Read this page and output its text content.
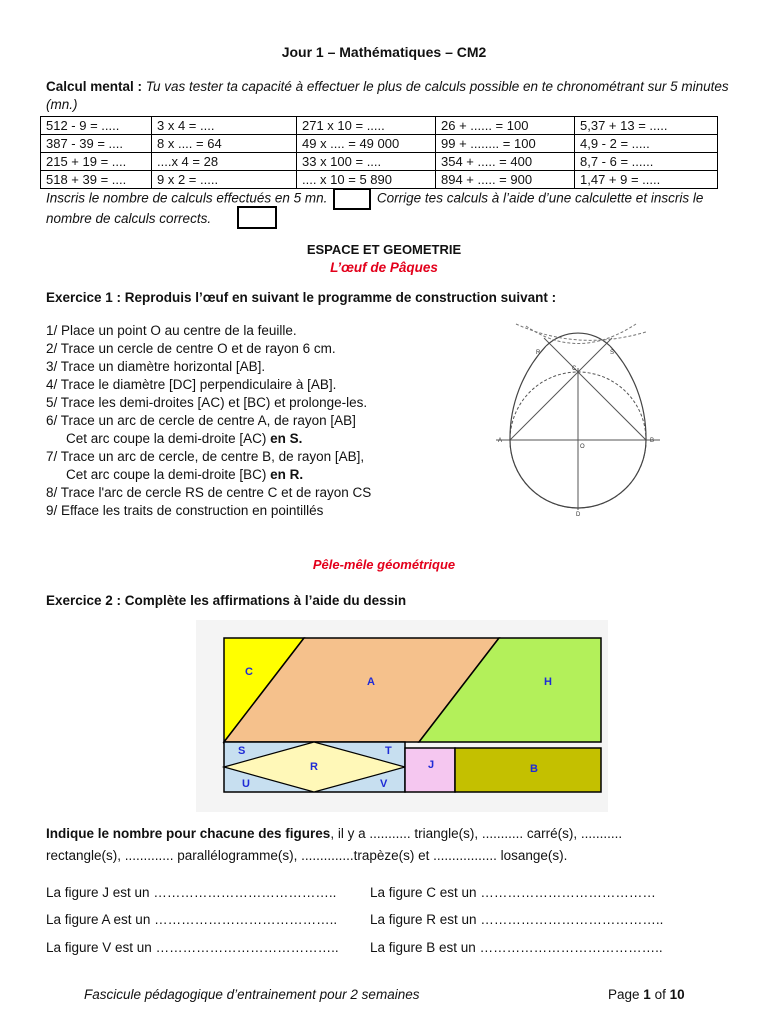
Jour 1 – Mathématiques – CM2
Calcul mental : Tu vas tester ta capacité à effectuer le plus de calculs possible en te chronométrant sur 5 minutes (mn.)
512 - 9 = .....	3 x 4 = ....	271 x 10 = .....	26 + ...... = 100	5,37 + 13 = .....
387 - 39 = ....	8 x .... = 64	49 x .... = 49 000	99 + ........ = 100	4,9 - 2 = .....
215 + 19 = ....	....x 4 = 28	33 x 100 = ....	354 + ..... = 400	8,7 - 6 = ......
518 + 39 = ....	9 x 2 = .....	.... x 10 = 5 890	894 + ..... = 900	1,47 + 9 = .....
Inscris le nombre de calculs effectués en 5 mn.	Corrige tes calculs à l’aide d’une calculette et inscris le
nombre de calculs corrects.
ESPACE ET GEOMETRIE
L’œuf de Pâques
Exercice 1 : Reproduis l’œuf en suivant le programme de construction suivant :
1/ Place un point O au centre de la feuille.
2/ Trace un cercle de centre O et de rayon 6 cm.
3/ Trace un diamètre horizontal [AB].
4/ Trace le diamètre [DC] perpendiculaire à [AB].
5/ Trace les demi-droites [AC) et [BC) et prolonge-les.
6/ Trace un arc de cercle de centre A, de rayon [AB]
Cet arc coupe la demi-droite [AC) en S.
7/ Trace un arc de cercle, de centre B, de rayon [AB],
Cet arc coupe la demi-droite [BC) en R.
8/ Trace l'arc de cercle RS de centre C et de rayon CS
9/ Efface les traits de construction en pointillés
A	B
C
D
O
R	S
Pêle-mêle géométrique
Exercice 2 : Complète les affirmations à l’aide du dessin
C
A	H
S	T
R	J	B
U	V
Indique le nombre pour chacune des figures, il y a ........... triangle(s), ........... carré(s), ...........
rectangle(s), ............. parallélogramme(s), ..............trapèze(s) et ................. losange(s).
La figure J est un …………………………………..
La figure A est un …………………………………..
La figure V est un …………………………………..
La figure C est un …………………………………
La figure R est un …………………………………..
La figure B est un …………………………………..
Fascicule pédagogique d’entrainement pour 2 semaines	Page 1 of 10
